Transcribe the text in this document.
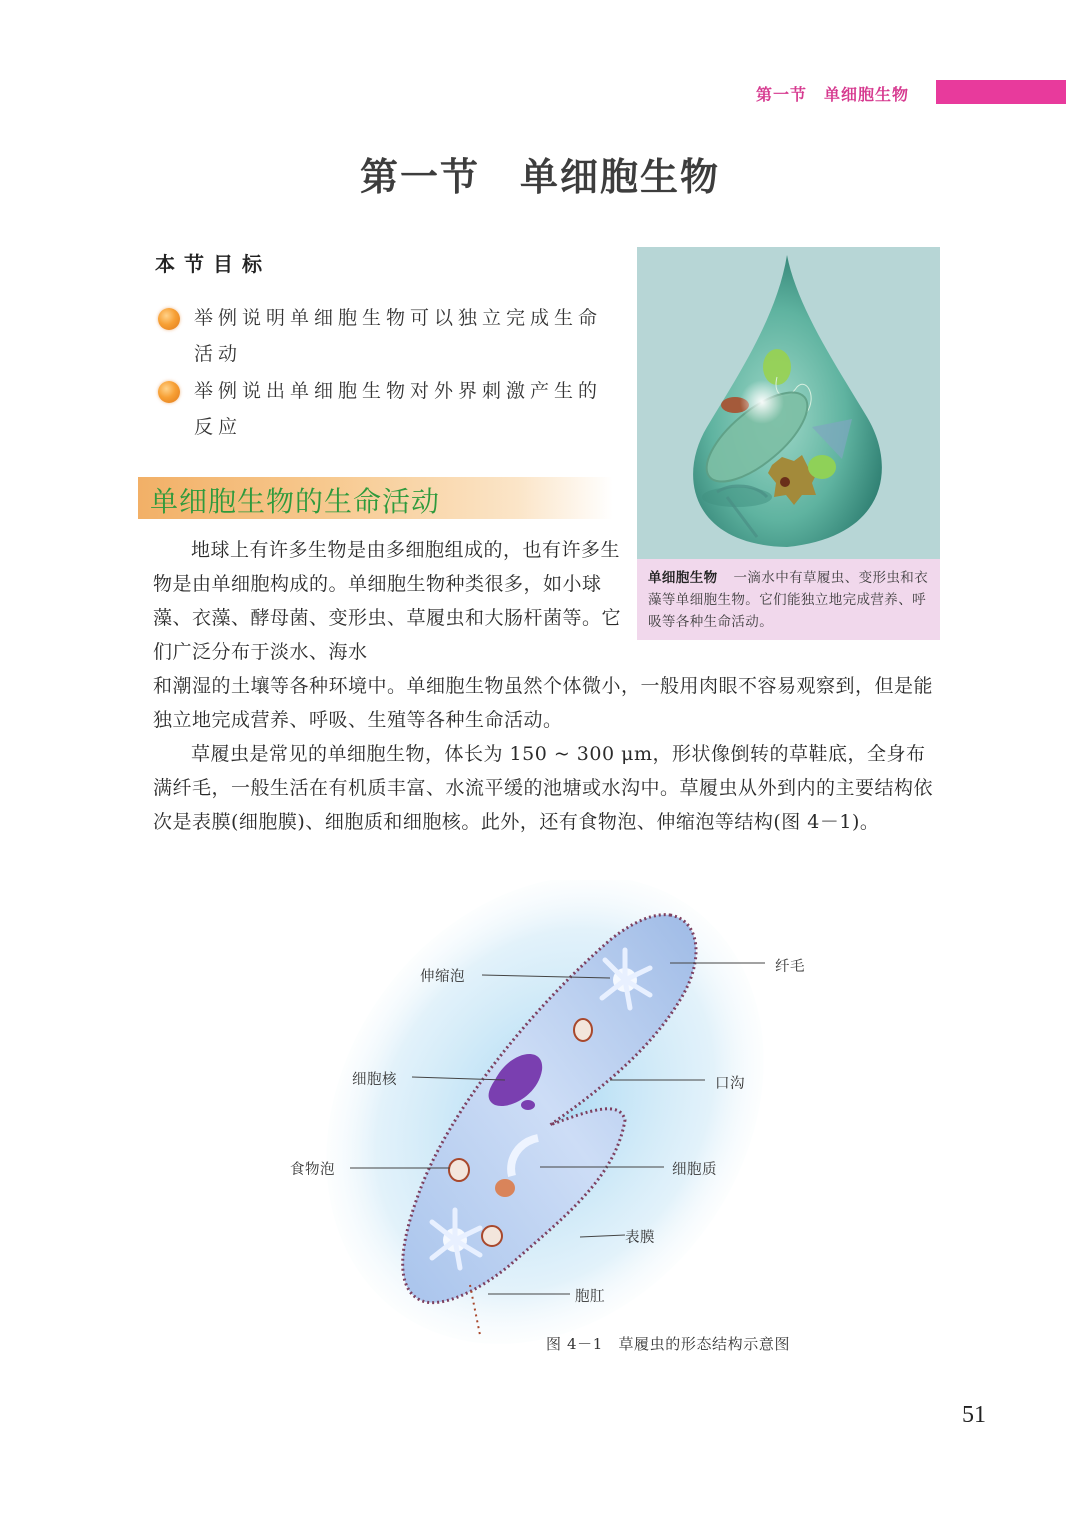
第一节　单细胞生物
第一节　单细胞生物
本节目标
举例说明单细胞生物可以独立完成生命活动
举例说出单细胞生物对外界刺激产生的反应
单细胞生物 一滴水中有草履虫、变形虫和衣藻等单细胞生物。它们能独立地完成营养、呼吸等各种生命活动。
单细胞生物的生命活动
地球上有许多生物是由多细胞组成的，也有许多生物是由单细胞构成的。单细胞生物种类很多，如小球藻、衣藻、酵母菌、变形虫、草履虫和大肠杆菌等。它们广泛分布于淡水、海水
和潮湿的土壤等各种环境中。单细胞生物虽然个体微小，一般用肉眼不容易观察到，但是能独立地完成营养、呼吸、生殖等各种生命活动。
草履虫是常见的单细胞生物，体长为 150 ~ 300 μm，形状像倒转的草鞋底，全身布满纤毛，一般生活在有机质丰富、水流平缓的池塘或水沟中。草履虫从外到内的主要结构依次是表膜(细胞膜)、细胞质和细胞核。此外，还有食物泡、伸缩泡等结构(图 4－1)。
伸缩泡
纤毛
细胞核	口沟
食物泡	细胞质
表膜
胞肛
图 4－1　草履虫的形态结构示意图
51
